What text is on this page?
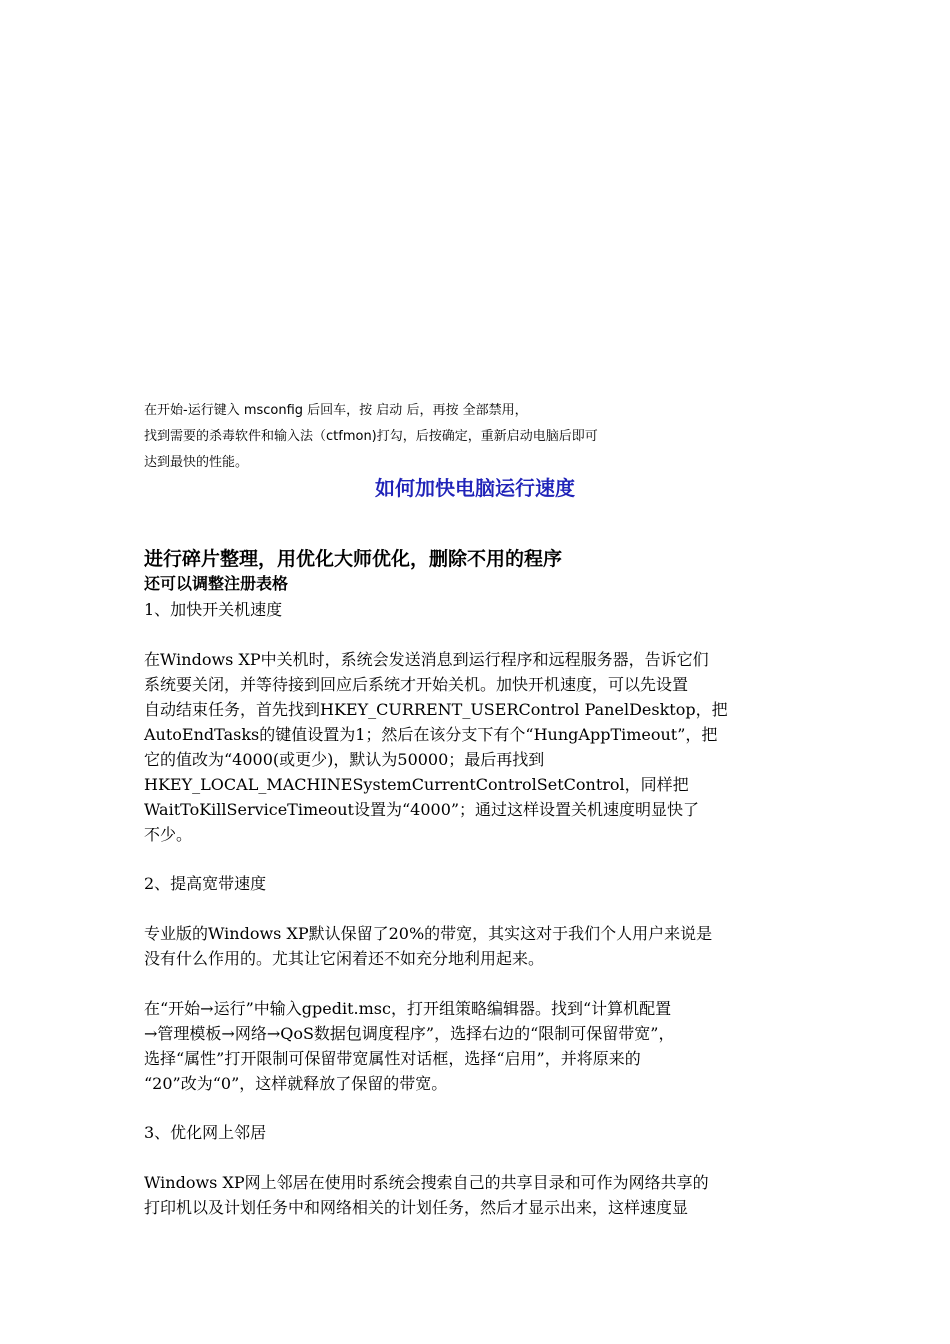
在开始-运行键入 msconfig 后回车，按 启动 后，再按 全部禁用，
找到需要的杀毒软件和输入法（ctfmon)打勾，后按确定，重新启动电脑后即可
达到最快的性能。
如何加快电脑运行速度
进行碎片整理，用优化大师优化，删除不用的程序
还可以调整注册表格
1、加快开关机速度
在Windows XP中关机时，系统会发送消息到运行程序和远程服务器，告诉它们
系统要关闭，并等待接到回应后系统才开始关机。加快开机速度，可以先设置
自动结束任务，首先找到HKEY_CURRENT_USERControl PanelDesktop，把
AutoEndTasks的键值设置为1；然后在该分支下有个“HungAppTimeout”，把
它的值改为“4000(或更少)，默认为50000；最后再找到
HKEY_LOCAL_MACHINESystemCurrentControlSetControl，同样把
WaitToKillServiceTimeout设置为“4000”；通过这样设置关机速度明显快了
不少。
2、提高宽带速度
专业版的Windows XP默认保留了20%的带宽，其实这对于我们个人用户来说是
没有什么作用的。尤其让它闲着还不如充分地利用起来。
在“开始→运行”中输入gpedit.msc，打开组策略编辑器。找到“计算机配置
→管理模板→网络→QoS数据包调度程序”，选择右边的“限制可保留带宽”，
选择“属性”打开限制可保留带宽属性对话框，选择“启用”，并将原来的
“20”改为“0”，这样就释放了保留的带宽。
3、优化网上邻居
Windows XP网上邻居在使用时系统会搜索自己的共享目录和可作为网络共享的
打印机以及计划任务中和网络相关的计划任务，然后才显示出来，这样速度显
